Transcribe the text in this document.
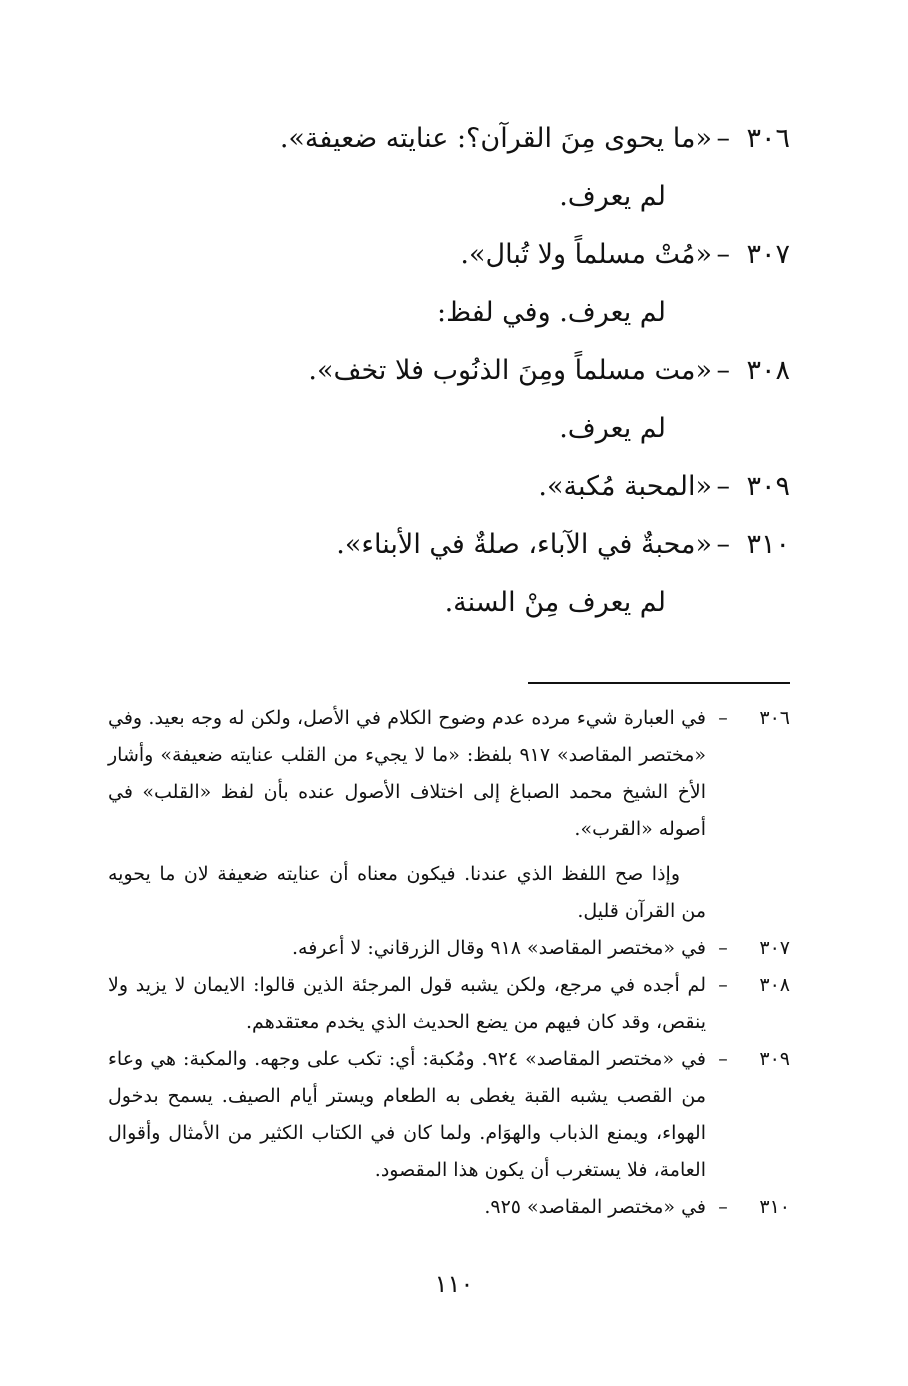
٣٠٦
–
«ما يحوى مِنَ القرآن؟: عنايته ضعيفة».
لم يعرف.
٣٠٧
–
«مُتْ مسلماً ولا تُبال».
لم يعرف. وفي لفظ:
٣٠٨
–
«مت مسلماً ومِنَ الذنُوب فلا تخف».
لم يعرف.
٣٠٩
–
«المحبة مُكبة».
٣١٠
–
«محبةٌ في الآباء، صلةٌ في الأبناء».
لم يعرف مِنْ السنة.
٣٠٦
–

في العبارة شيء مرده عدم وضوح الكلام في الأصل، ولكن له وجه بعيد. وفي «مختصر المقاصد» ٩١٧ بلفظ: «ما لا يجيء من القلب عنايته ضعيفة» وأشار الأخ الشيخ محمد الصباغ إلى اختلاف الأصول عنده بأن لفظ «القلب» في أصوله «القرب».

وإذا صح اللفظ الذي عندنا. فيكون معناه أن عنايته ضعيفة لان ما يحويه من القرآن قليل.

٣٠٧
–

في «مختصر المقاصد» ٩١٨ وقال الزرقاني: لا أعرفه.

٣٠٨
–

لم أجده في مرجع، ولكن يشبه قول المرجئة الذين قالوا: الايمان لا يزيد ولا ينقص، وقد كان فيهم من يضع الحديث الذي يخدم معتقدهم.

٣٠٩
–

في «مختصر المقاصد» ٩٢٤. ومُكبة: أي: تكب على وجهه. والمكبة: هي وعاء من القصب يشبه القبة يغطى به الطعام ويستر أيام الصيف. يسمح بدخول الهواء، ويمنع الذباب والهوَام. ولما كان في الكتاب الكثير من الأمثال وأقوال العامة، فلا يستغرب أن يكون هذا المقصود.

٣١٠
–

في «مختصر المقاصد» ٩٢٥.

١١٠
